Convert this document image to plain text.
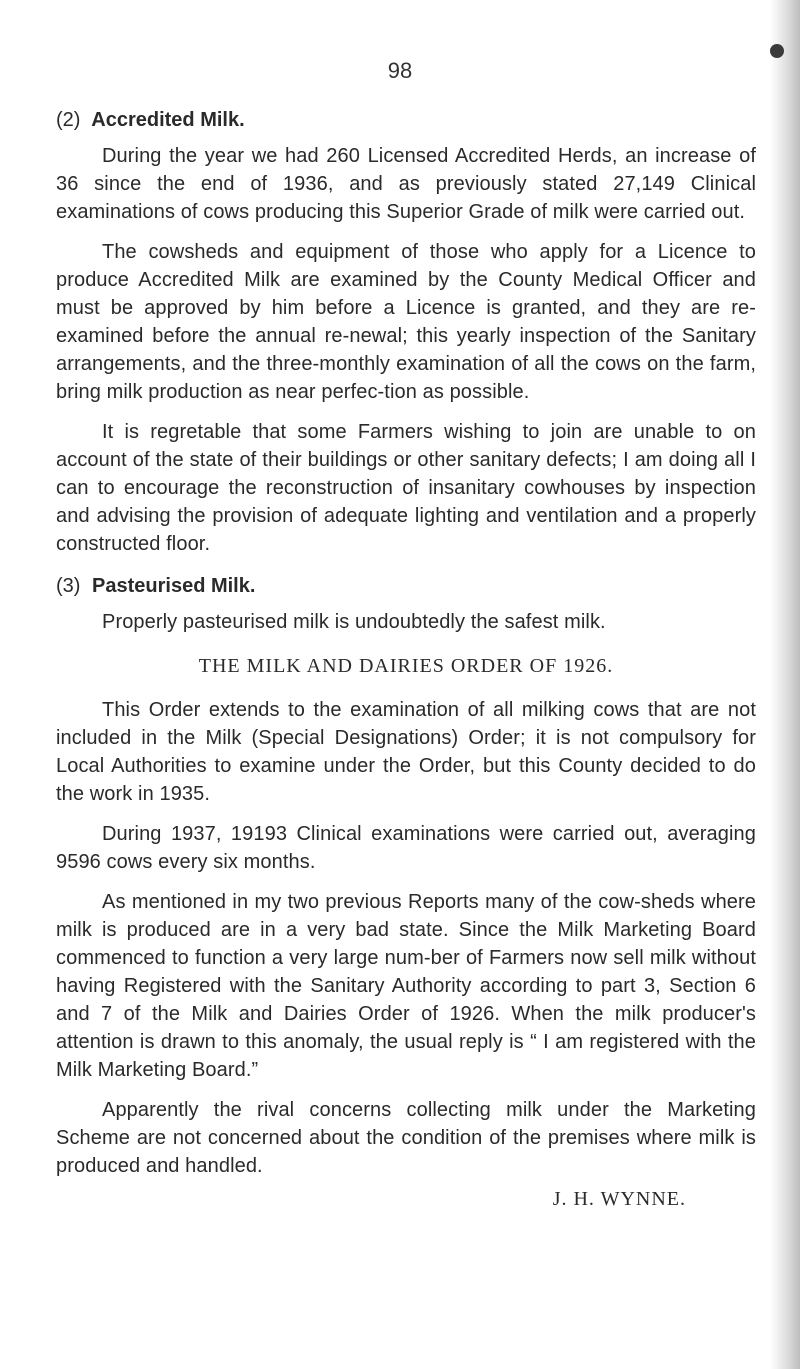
98
(2) Accredited Milk.

During the year we had 260 Licensed Accredited Herds, an increase of 36 since the end of 1936, and as previously stated 27,149 Clinical examinations of cows producing this Superior Grade of milk were carried out.

The cowsheds and equipment of those who apply for a Licence to produce Accredited Milk are examined by the County Medical Officer and must be approved by him before a Licence is granted, and they are re-examined before the annual re-newal; this yearly inspection of the Sanitary arrangements, and the three-monthly examination of all the cows on the farm, bring milk production as near perfec-tion as possible.

It is regretable that some Farmers wishing to join are unable to on account of the state of their buildings or other sanitary defects; I am doing all I can to encourage the reconstruction of insanitary cowhouses by inspection and advising the provision of adequate lighting and ventilation and a properly constructed floor.

(3) Pasteurised Milk.

Properly pasteurised milk is undoubtedly the safest milk.

THE MILK AND DAIRIES ORDER OF 1926.

This Order extends to the examination of all milking cows that are not included in the Milk (Special Designations) Order; it is not compulsory for Local Authorities to examine under the Order, but this County decided to do the work in 1935.

During 1937, 19193 Clinical examinations were carried out, averaging 9596 cows every six months.

As mentioned in my two previous Reports many of the cow-sheds where milk is produced are in a very bad state. Since the Milk Marketing Board commenced to function a very large num-ber of Farmers now sell milk without having Registered with the Sanitary Authority according to part 3, Section 6 and 7 of the Milk and Dairies Order of 1926. When the milk producer's attention is drawn to this anomaly, the usual reply is “ I am registered with the Milk Marketing Board.”

Apparently the rival concerns collecting milk under the Marketing Scheme are not concerned about the condition of the premises where milk is produced and handled.

J. H. WYNNE.
